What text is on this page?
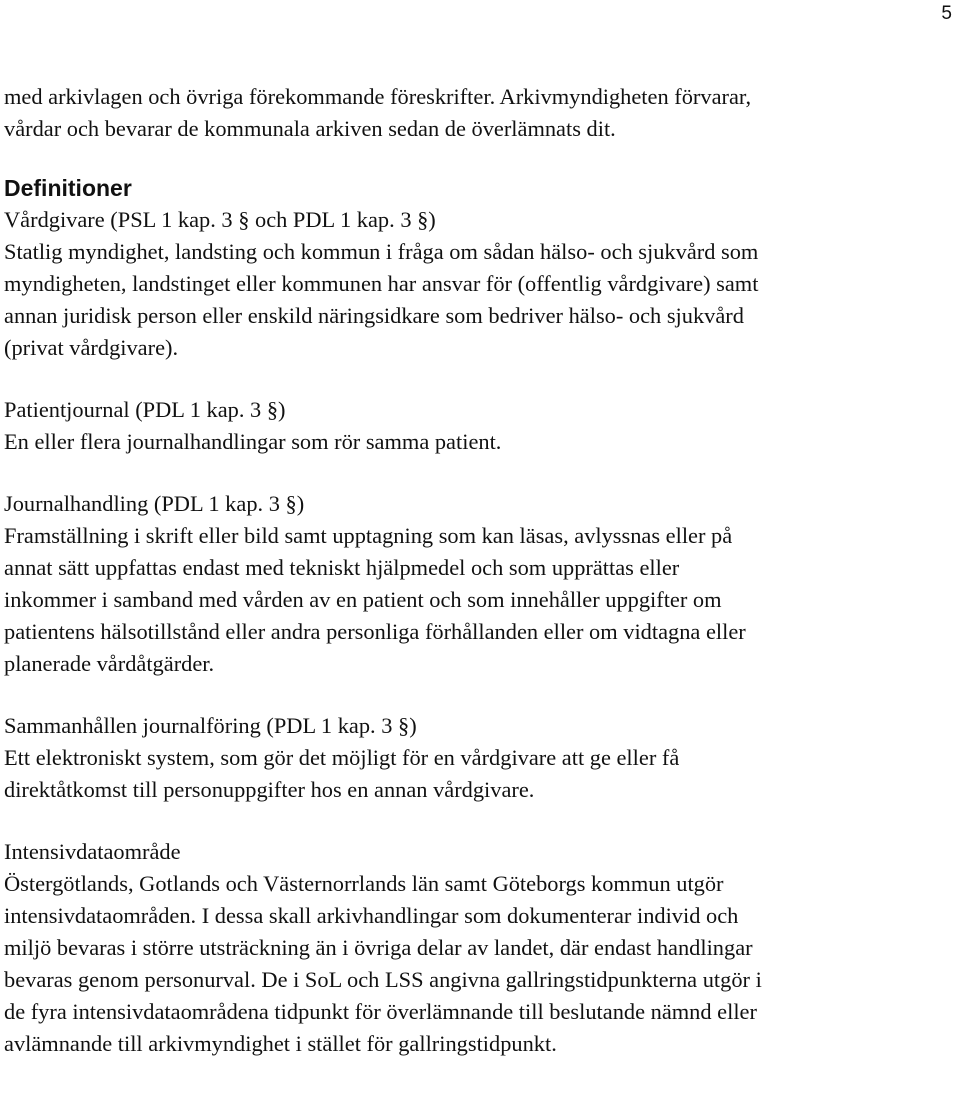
5

med arkivlagen och övriga förekommande föreskrifter. Arkivmyndigheten förvarar,

vårdar och bevarar de kommunala arkiven sedan de överlämnats dit.

Definitioner

Vårdgivare (PSL 1 kap. 3 § och PDL 1 kap. 3 §)

Statlig myndighet, landsting och kommun i fråga om sådan hälso- och sjukvård som

myndigheten, landstinget eller kommunen har ansvar för (offentlig vårdgivare) samt

annan juridisk person eller enskild näringsidkare som bedriver hälso- och sjukvård

(privat vårdgivare).

Patientjournal (PDL 1 kap. 3 §)

En eller flera journalhandlingar som rör samma patient.

Journalhandling (PDL 1 kap. 3 §)

Framställning i skrift eller bild samt upptagning som kan läsas, avlyssnas eller på

annat sätt uppfattas endast med tekniskt hjälpmedel och som upprättas eller

inkommer i samband med vården av en patient och som innehåller uppgifter om

patientens hälsotillstånd eller andra personliga förhållanden eller om vidtagna eller

planerade vårdåtgärder.

Sammanhållen journalföring (PDL 1 kap. 3 §)

Ett elektroniskt system, som gör det möjligt för en vårdgivare att ge eller få

direktåtkomst till personuppgifter hos en annan vårdgivare.

Intensivdataområde

Östergötlands, Gotlands och Västernorrlands län samt Göteborgs kommun utgör

intensivdataområden. I dessa skall arkivhandlingar som dokumenterar individ och

miljö bevaras i större utsträckning än i övriga delar av landet, där endast handlingar

bevaras genom personurval. De i SoL och LSS angivna gallringstidpunkterna utgör i

de fyra intensivdataområdena tidpunkt för överlämnande till beslutande nämnd eller

avlämnande till arkivmyndighet i stället för gallringstidpunkt.
